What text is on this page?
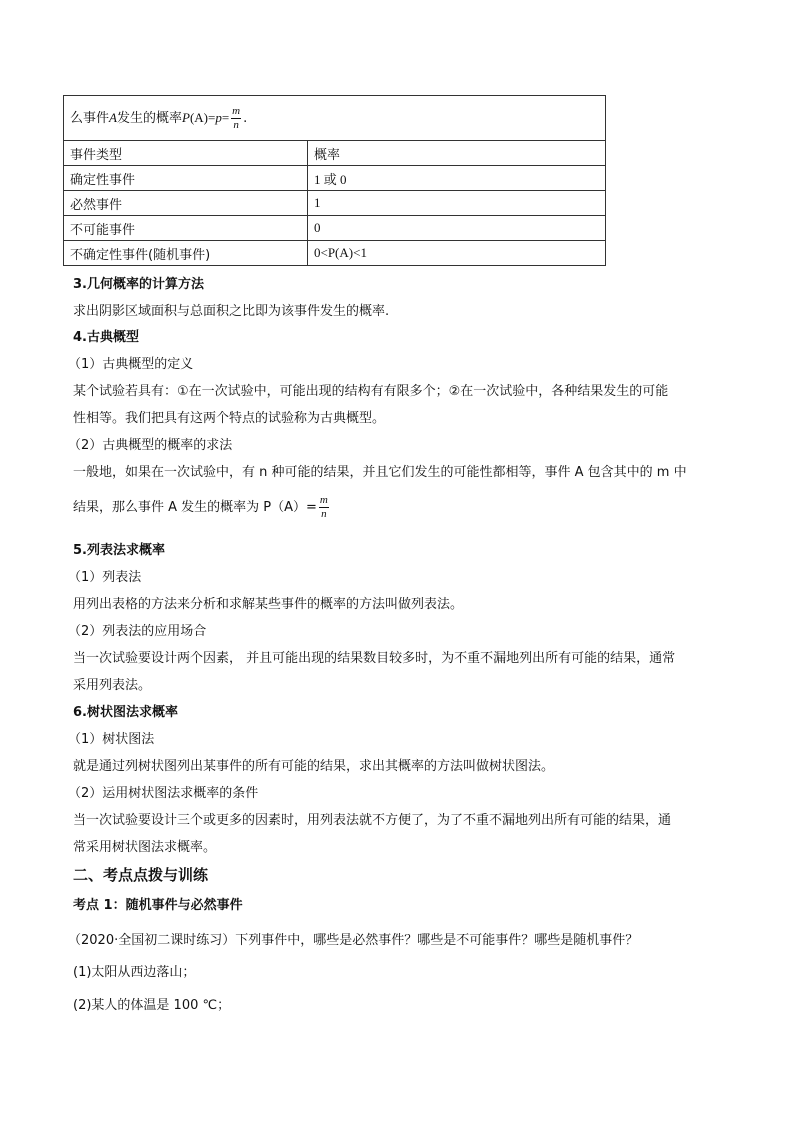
么事件A发生的概率$P(A)=p= \frac{m}{n}$ .	
事件类型	概率
确定性事件	1 或 0
必然事件	1
不可能事件	0
不确定性事件(随机事件)	0<P(A)<1
3.几何概率的计算方法
求出阴影区域面积与总面积之比即为该事件发生的概率.
4.古典概型
（1）古典概型的定义
某个试验若具有：①在一次试验中，可能出现的结构有有限多个；②在一次试验中，各种结果发生的可能
性相等。我们把具有这两个特点的试验称为古典概型。
（2）古典概型的概率的求法
一般地，如果在一次试验中，有 n 种可能的结果，并且它们发生的可能性都相等，事件 A 包含其中的 m 中
结果，那么事件 A 发生的概率为 $P(A)= \frac{m}{n}$
5.列表法求概率
（1）列表法
用列出表格的方法来分析和求解某些事件的概率的方法叫做列表法。
（2）列表法的应用场合
当一次试验要设计两个因素， 并且可能出现的结果数目较多时，为不重不漏地列出所有可能的结果，通常
采用列表法。
6.树状图法求概率
（1）树状图法
就是通过列树状图列出某事件的所有可能的结果，求出其概率的方法叫做树状图法。
（2）运用树状图法求概率的条件
当一次试验要设计三个或更多的因素时，用列表法就不方便了，为了不重不漏地列出所有可能的结果，通
常采用树状图法求概率。
二、考点点拨与训练
考点 1：随机事件与必然事件
（2020·全国初二课时练习）下列事件中，哪些是必然事件？哪些是不可能事件？哪些是随机事件？
(1)太阳从西边落山；
(2)某人的体温是 100 ℃；
